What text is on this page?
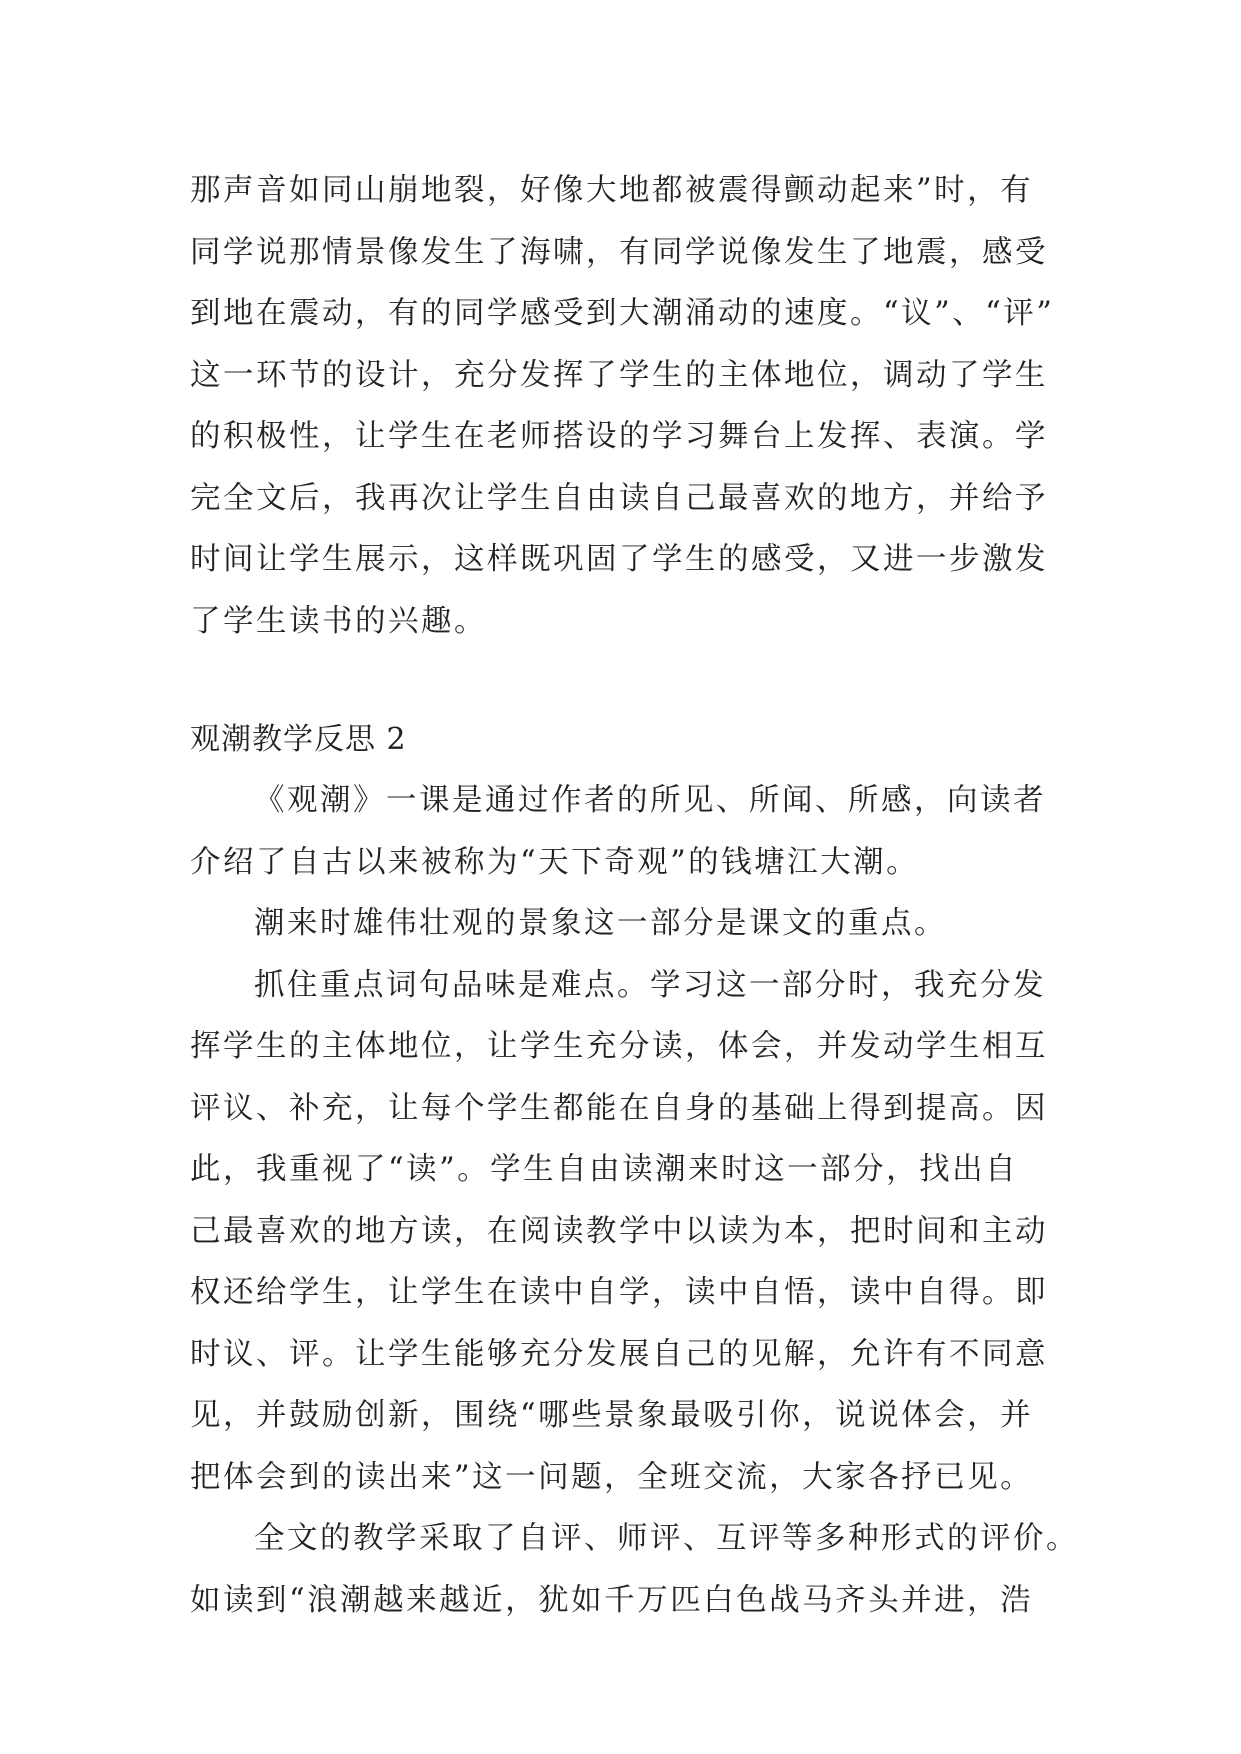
那声音如同山崩地裂，好像大地都被震得颤动起来”时，有
同学说那情景像发生了海啸，有同学说像发生了地震，感受
到地在震动，有的同学感受到大潮涌动的速度。“议”、“评”
这一环节的设计，充分发挥了学生的主体地位，调动了学生
的积极性，让学生在老师搭设的学习舞台上发挥、表演。学
完全文后，我再次让学生自由读自己最喜欢的地方，并给予
时间让学生展示，这样既巩固了学生的感受，又进一步激发
了学生读书的兴趣。
观潮教学反思 2
《观潮》一课是通过作者的所见、所闻、所感，向读者
介绍了自古以来被称为“天下奇观”的钱塘江大潮。
潮来时雄伟壮观的景象这一部分是课文的重点。
抓住重点词句品味是难点。学习这一部分时，我充分发
挥学生的主体地位，让学生充分读，体会，并发动学生相互
评议、补充，让每个学生都能在自身的基础上得到提高。因
此，我重视了“读”。学生自由读潮来时这一部分，找出自
己最喜欢的地方读，在阅读教学中以读为本，把时间和主动
权还给学生，让学生在读中自学，读中自悟，读中自得。即
时议、评。让学生能够充分发展自己的见解，允许有不同意
见，并鼓励创新，围绕“哪些景象最吸引你，说说体会，并
把体会到的读出来”这一问题，全班交流，大家各抒已见。
全文的教学采取了自评、师评、互评等多种形式的评价。
如读到“浪潮越来越近，犹如千万匹白色战马齐头并进，浩
